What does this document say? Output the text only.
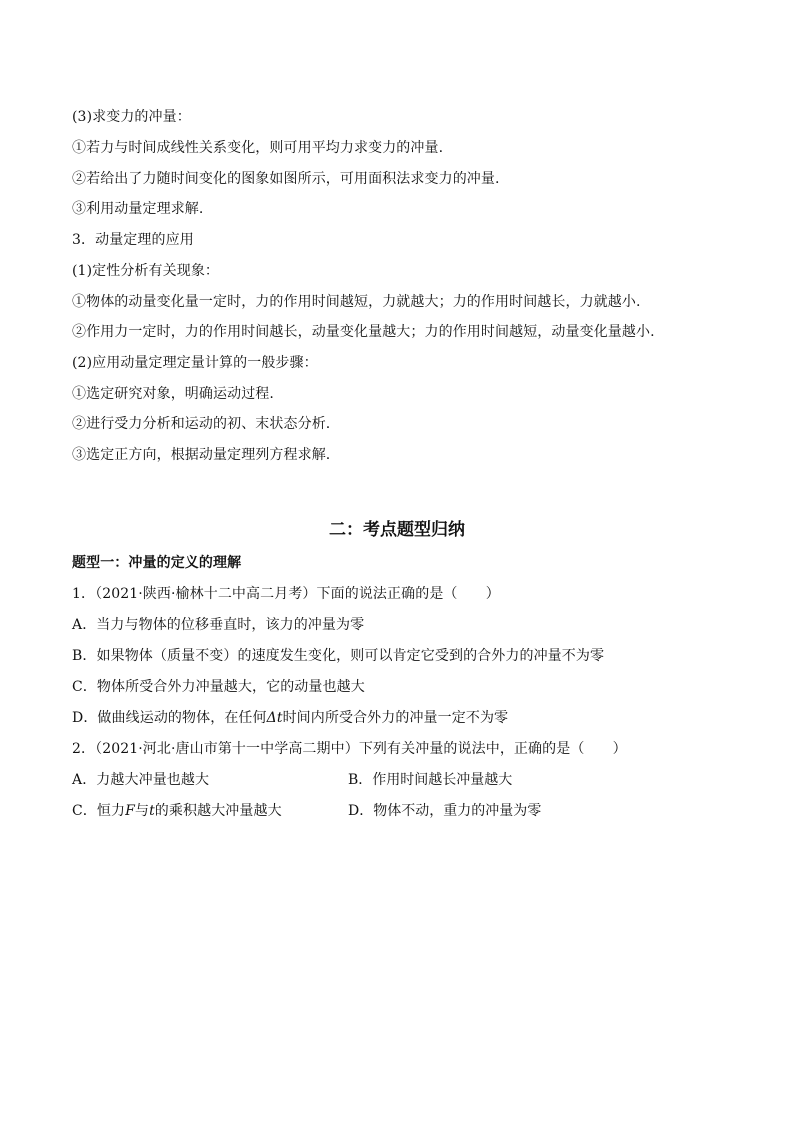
(3)求变力的冲量：
①若力与时间成线性关系变化，则可用平均力求变力的冲量.
②若给出了力随时间变化的图象如图所示，可用面积法求变力的冲量.
③利用动量定理求解.
3．动量定理的应用
(1)定性分析有关现象：
①物体的动量变化量一定时，力的作用时间越短，力就越大；力的作用时间越长，力就越小.
②作用力一定时，力的作用时间越长，动量变化量越大；力的作用时间越短，动量变化量越小.
(2)应用动量定理定量计算的一般步骤：
①选定研究对象，明确运动过程.
②进行受力分析和运动的初、末状态分析.
③选定正方向，根据动量定理列方程求解.
二：考点题型归纳
题型一：冲量的定义的理解
1．（2021·陕西·榆林十二中高二月考）下面的说法正确的是（　　）
A．当力与物体的位移垂直时，该力的冲量为零
B．如果物体（质量不变）的速度发生变化，则可以肯定它受到的合外力的冲量不为零
C．物体所受合外力冲量越大，它的动量也越大
D．做曲线运动的物体，在任何Δt时间内所受合外力的冲量一定不为零
2．（2021·河北·唐山市第十一中学高二期中）下列有关冲量的说法中，正确的是（　　）
A．力越大冲量也越大	B．作用时间越长冲量越大
C．恒力F与t的乘积越大冲量越大	D．物体不动，重力的冲量为零
